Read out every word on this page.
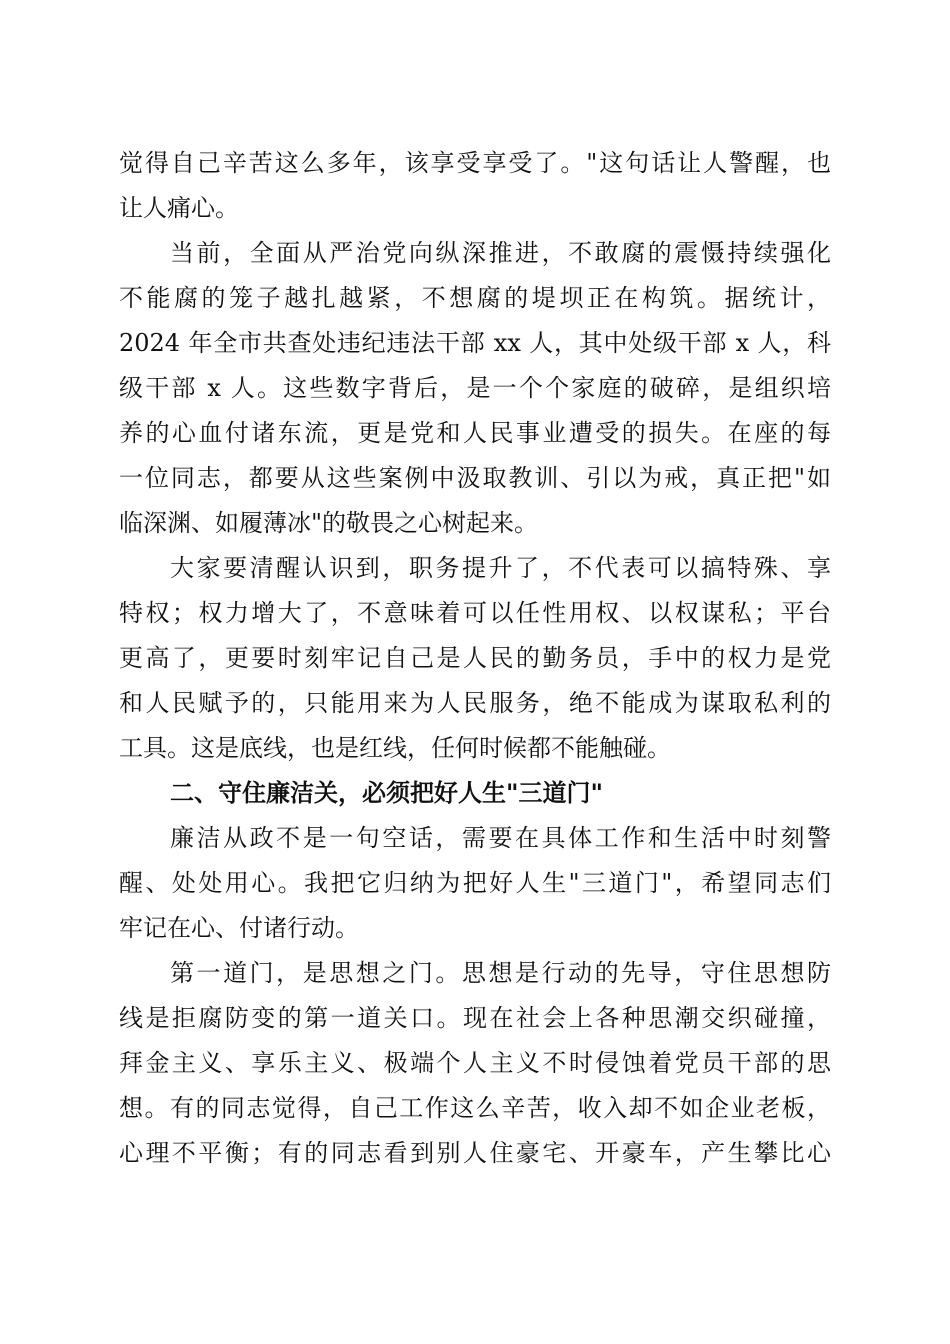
觉得自己辛苦这么多年，该享受享受了。"这句话让人警醒，也
让人痛心。
当前，全面从严治党向纵深推进，不敢腐的震慑持续强化
不能腐的笼子越扎越紧，不想腐的堤坝正在构筑。据统计，
2024 年全市共查处违纪违法干部 xx 人，其中处级干部 x 人，科
级干部 x 人。这些数字背后，是一个个家庭的破碎，是组织培
养的心血付诸东流，更是党和人民事业遭受的损失。在座的每
一位同志，都要从这些案例中汲取教训、引以为戒，真正把"如
临深渊、如履薄冰"的敬畏之心树起来。
大家要清醒认识到，职务提升了，不代表可以搞特殊、享
特权；权力增大了，不意味着可以任性用权、以权谋私；平台
更高了，更要时刻牢记自己是人民的勤务员，手中的权力是党
和人民赋予的，只能用来为人民服务，绝不能成为谋取私利的
工具。这是底线，也是红线，任何时候都不能触碰。
二、守住廉洁关，必须把好人生"三道门"
廉洁从政不是一句空话，需要在具体工作和生活中时刻警
醒、处处用心。我把它归纳为把好人生"三道门"，希望同志们
牢记在心、付诸行动。
第一道门，是思想之门。思想是行动的先导，守住思想防
线是拒腐防变的第一道关口。现在社会上各种思潮交织碰撞，
拜金主义、享乐主义、极端个人主义不时侵蚀着党员干部的思
想。有的同志觉得，自己工作这么辛苦，收入却不如企业老板，
心理不平衡；有的同志看到别人住豪宅、开豪车，产生攀比心
